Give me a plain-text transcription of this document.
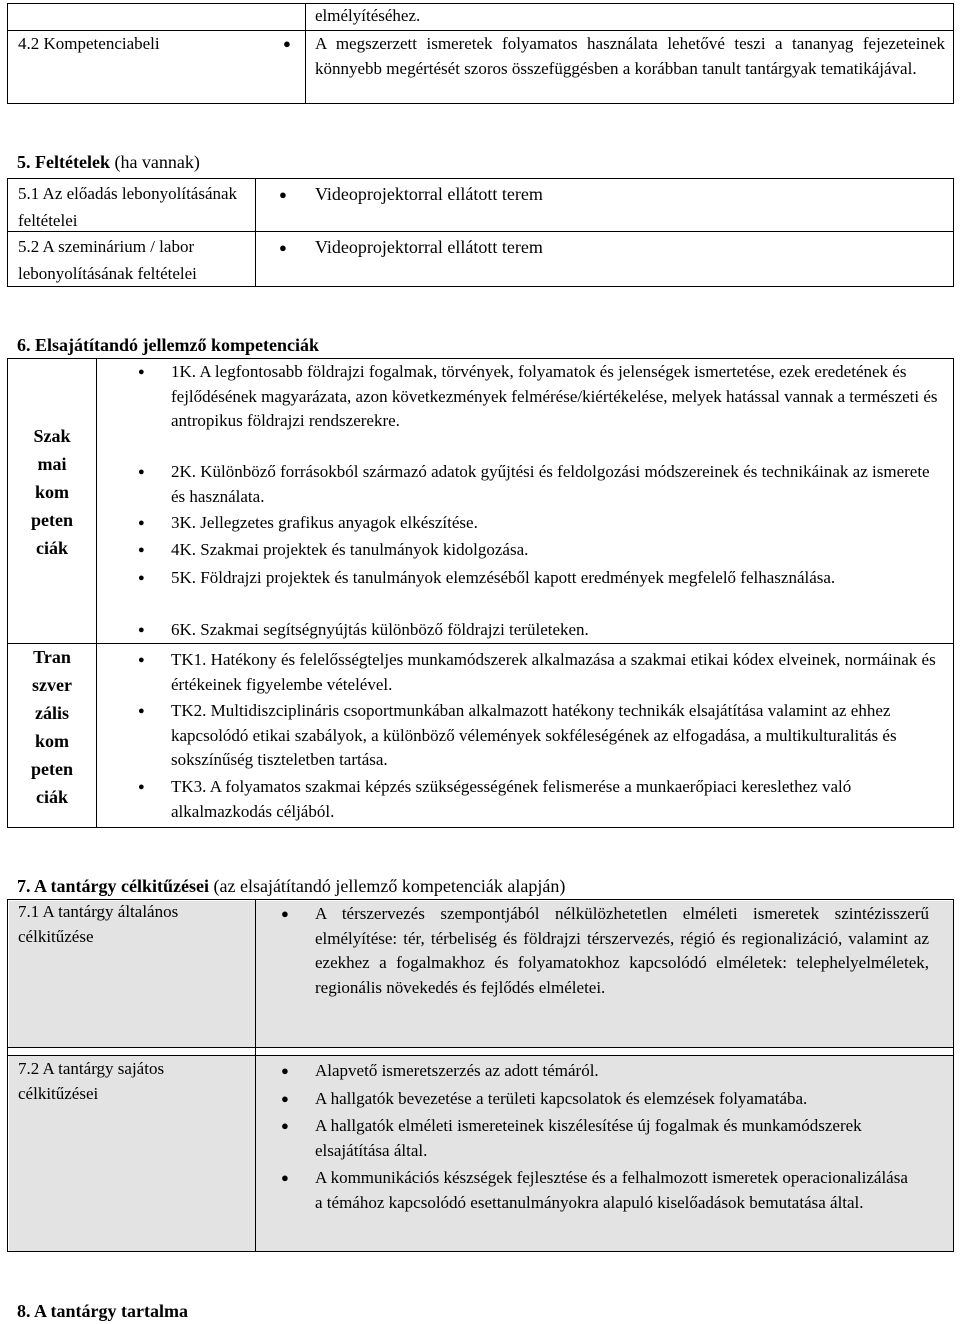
elmélyítéséhez.
4.2 Kompetenciabeli	● A megszerzett ismeretek folyamatos használata lehetővé teszi a tananyag fejezeteinek könnyebb megértését szoros összefüggésben a korábban tanult tantárgyak tematikájával.
5. Feltételek (ha vannak)
5.1 Az előadás lebonyolításának feltételei
● Videoprojektorral ellátott terem
5.2 A szeminárium / labor lebonyolításának feltételei
● Videoprojektorral ellátott terem
6. Elsajátítandó jellemző kompetenciák
Szak
mai
kom
peten
ciák
Tran
szver
zális
kom
peten
ciák
● 1K. A legfontosabb földrajzi fogalmak, törvények, folyamatok és jelenségek ismertetése, ezek eredetének és fejlődésének magyarázata, azon következmények felmérése/kiértékelése, melyek hatással vannak a természeti és antropikus földrajzi rendszerekre.
● 2K. Különböző forrásokból származó adatok gyűjtési és feldolgozási módszereinek és technikáinak az ismerete és használata.
● 3K. Jellegzetes grafikus anyagok elkészítése.
● 4K. Szakmai projektek és tanulmányok kidolgozása.
● 5K. Földrajzi projektek és tanulmányok elemzéséből kapott eredmények megfelelő felhasználása.
● 6K. Szakmai segítségnyújtás különböző földrajzi területeken.
● TK1. Hatékony és felelősségteljes munkamódszerek alkalmazása a szakmai etikai kódex elveinek, normáinak és értékeinek figyelembe vételével.
● TK2. Multidiszciplináris csoportmunkában alkalmazott hatékony technikák elsajátítása valamint az ehhez kapcsolódó etikai szabályok, a különböző vélemények sokféleségének az elfogadása, a multikulturalitás és sokszínűség tiszteletben tartása.
● TK3. A folyamatos szakmai képzés szükségességének felismerése a munkaerőpiaci kereslethez való alkalmazkodás céljából.
7. A tantárgy célkitűzései (az elsajátítandó jellemző kompetenciák alapján)
7.1 A tantárgy általános célkitűzése
● A térszervezés szempontjából nélkülözhetetlen elméleti ismeretek szintézisszerű elmélyítése: tér, térbeliség és földrajzi térszervezés, régió és regionalizáció, valamint az ezekhez a fogalmakhoz és folyamatokhoz kapcsolódó elméletek: telephelyelméletek, regionális növekedés és fejlődés elméletei.
7.2 A tantárgy sajátos célkitűzései
● Alapvető ismeretszerzés az adott témáról.
● A hallgatók bevezetése a területi kapcsolatok és elemzések folyamatába.
● A hallgatók elméleti ismereteinek kiszélesítése új fogalmak és munkamódszerek elsajátítása által.
● A kommunikációs készségek fejlesztése és a felhalmozott ismeretek operacionalizálása a témához kapcsolódó esettanulmányokra alapuló kiselőadások bemutatása által.
8. A tantárgy tartalma
